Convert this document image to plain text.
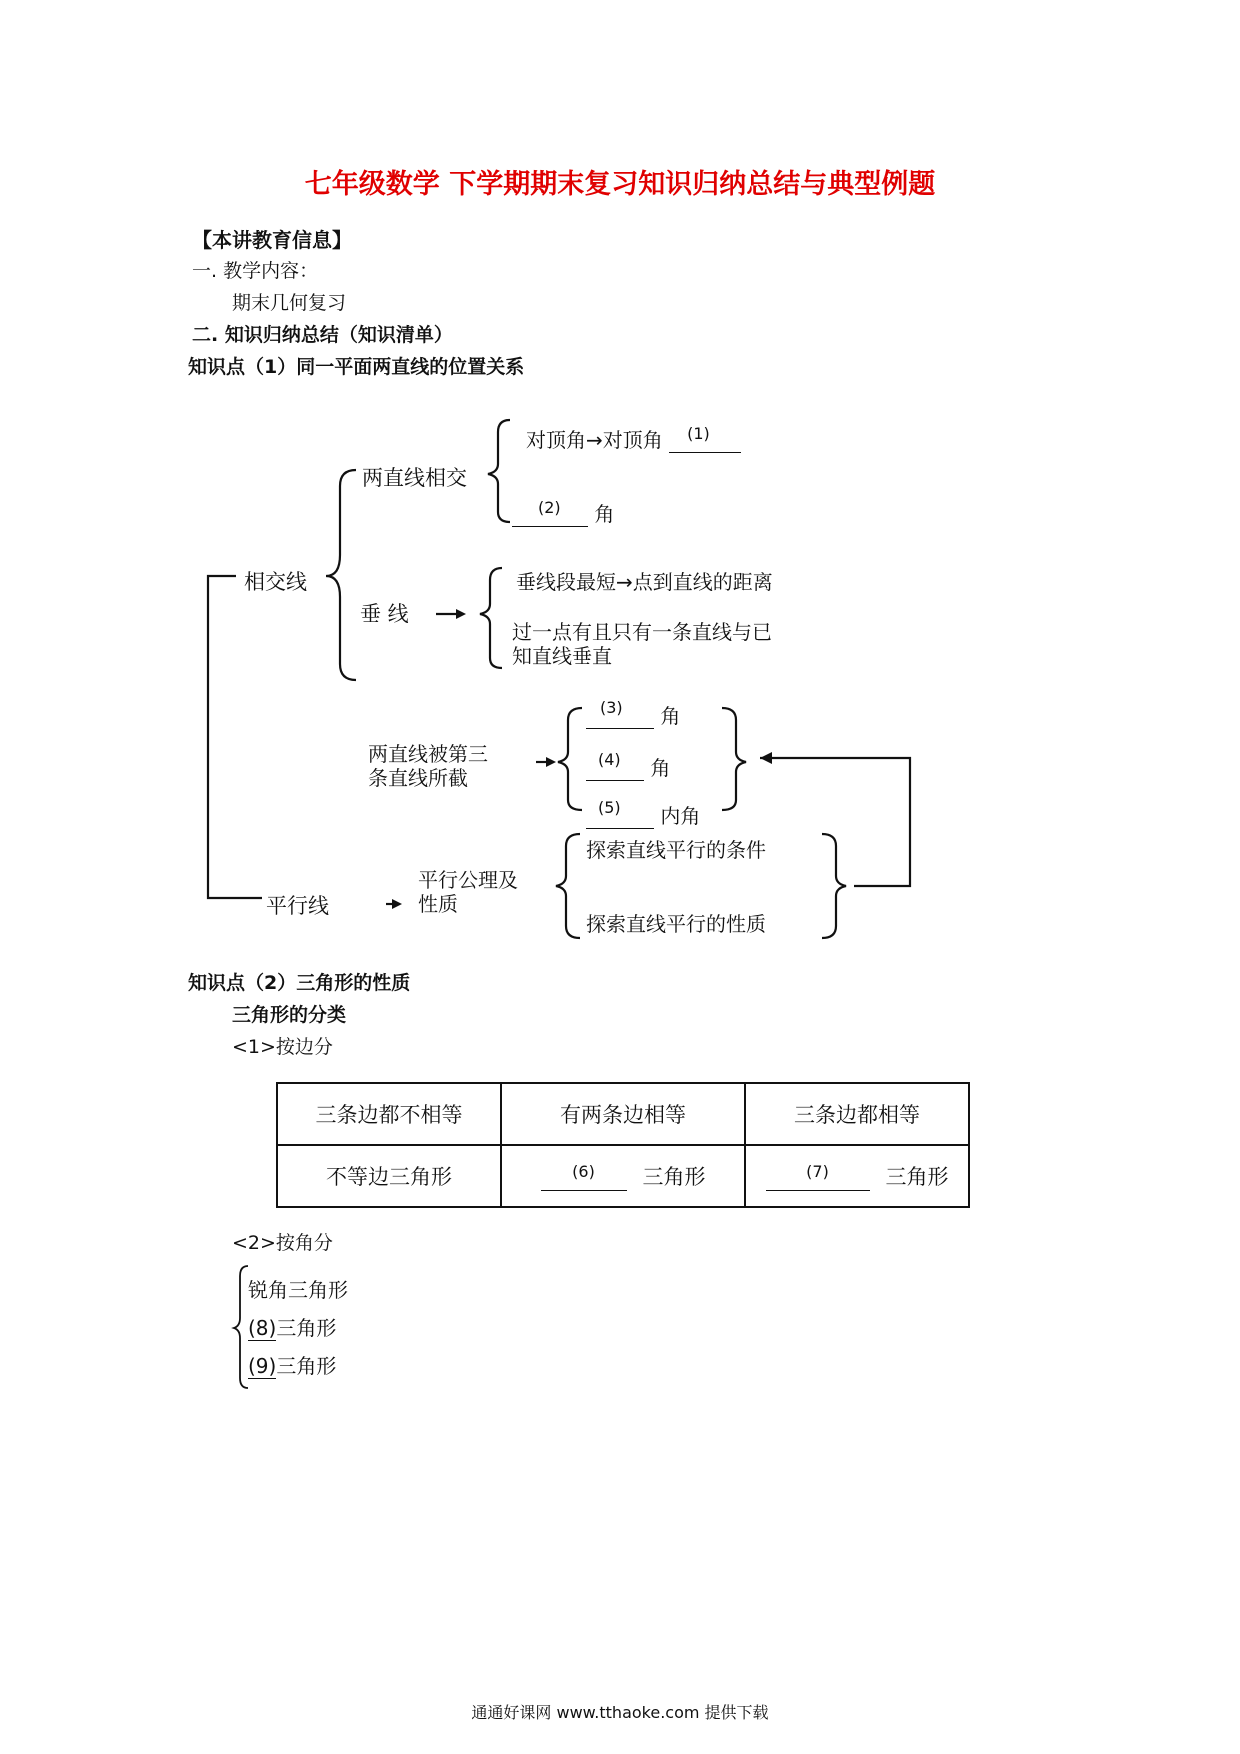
七年级数学 下学期期末复习知识归纳总结与典型例题
【本讲教育信息】
一. 教学内容：
期末几何复习
二. 知识归纳总结（知识清单）
知识点（1）同一平面两直线的位置关系
相交线
两直线相交
对顶角→对顶角 (1)
(2) 角
垂 线
垂线段最短→点到直线的距离
过一点有且只有一条直线与已
知直线垂直
两直线被第三
条直线所截
(3) 角
(4) 角
(5) 内角
平行线
平行公理及
性质
探索直线平行的条件
探索直线平行的性质
知识点（2）三角形的性质
三角形的分类
<1>按边分
三条边都不相等	有两条边相等	三条边都相等
不等边三角形	(6) 三角形	(7) 三角形
<2>按角分
锐角三角形
(8)三角形
(9)三角形
通通好课网 www.tthaoke.com 提供下载
